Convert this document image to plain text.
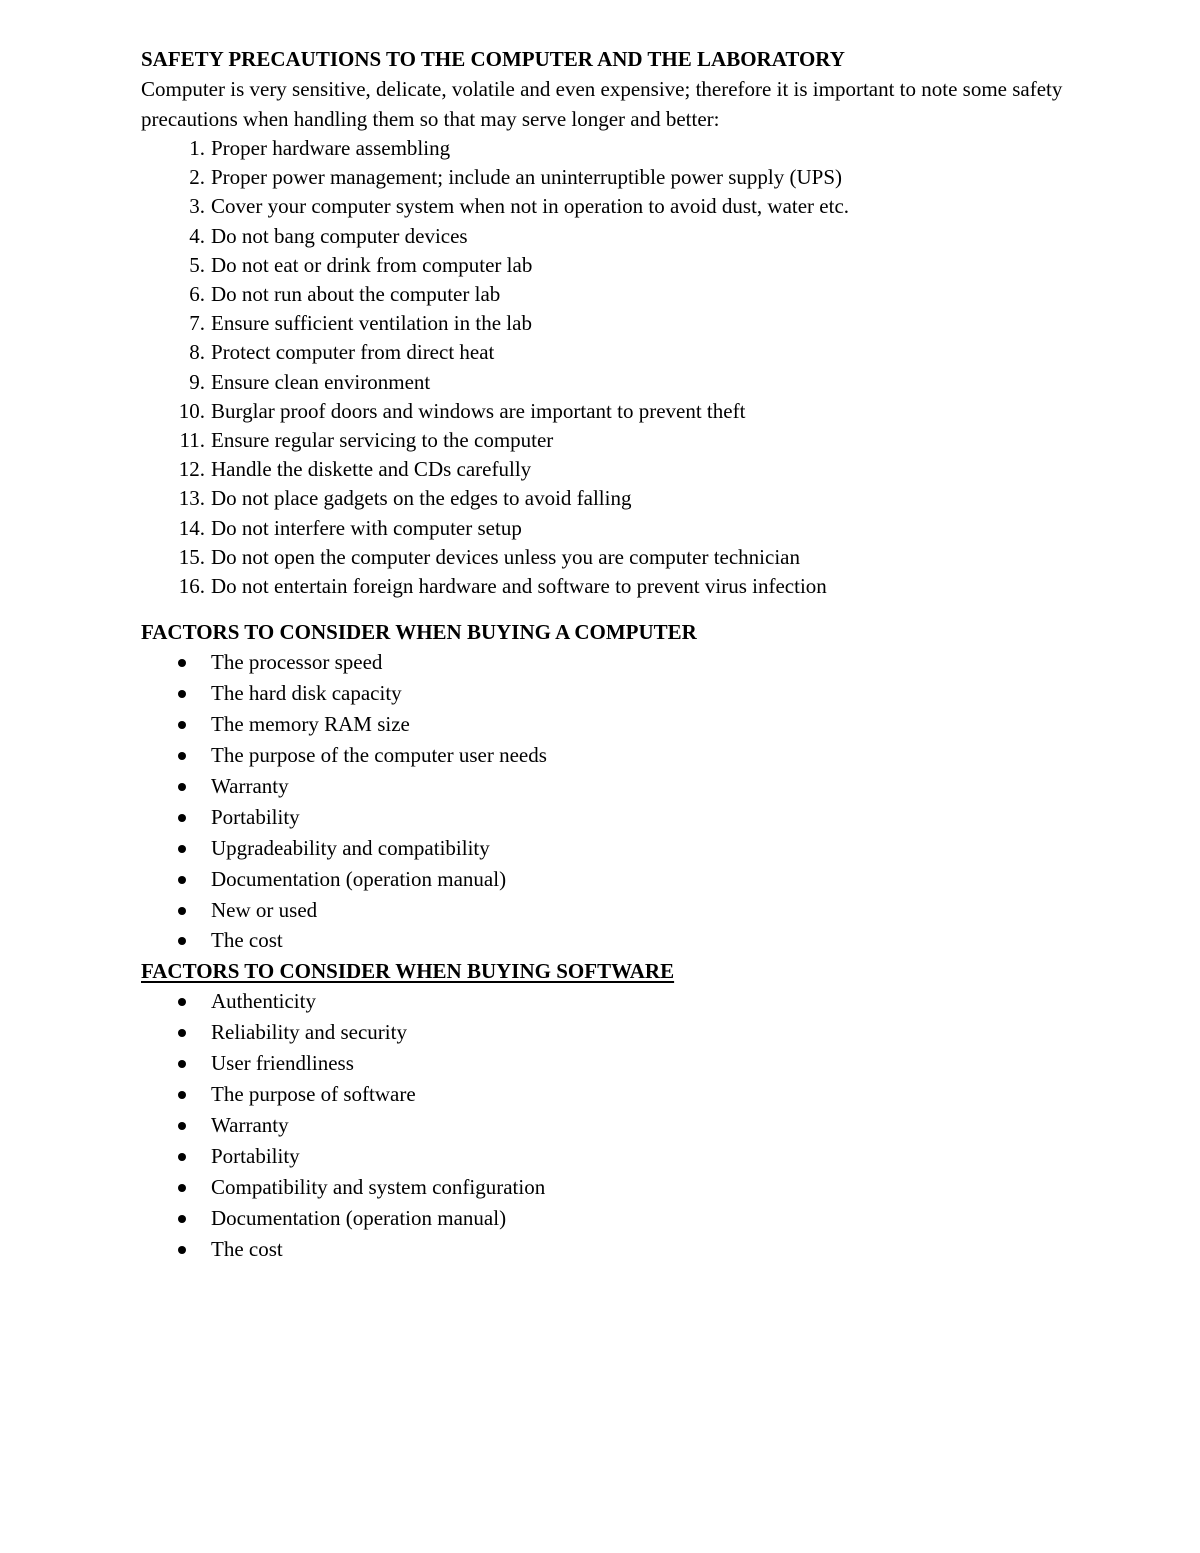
SAFETY PRECAUTIONS TO THE COMPUTER AND THE LABORATORY

Computer is very sensitive, delicate, volatile and even expensive; therefore it is important to note some safety precautions when handling them so that may serve longer and better:

1. Proper hardware assembling
2. Proper power management; include an uninterruptible power supply (UPS)
3. Cover your computer system when not in operation to avoid dust, water etc.
4. Do not bang computer devices
5. Do not eat or drink from computer lab
6. Do not run about the computer lab
7. Ensure sufficient ventilation in the lab
8. Protect computer from direct heat
9. Ensure clean environment
10. Burglar proof doors and windows are important to prevent theft
11. Ensure regular servicing to the computer
12. Handle the diskette and CDs carefully
13. Do not place gadgets on the edges to avoid falling
14. Do not interfere with computer setup
15. Do not open the computer devices unless you are computer technician
16. Do not entertain foreign hardware and software to prevent virus infection
FACTORS TO CONSIDER WHEN BUYING A COMPUTER
The processor speed
The hard disk capacity
The memory RAM size
The purpose of the computer user needs
Warranty
Portability
Upgradeability and compatibility
Documentation (operation manual)
New or used
The cost
FACTORS TO CONSIDER WHEN BUYING SOFTWARE
Authenticity
Reliability and security
User friendliness
The purpose of software
Warranty
Portability
Compatibility and system configuration
Documentation (operation manual)
The cost
